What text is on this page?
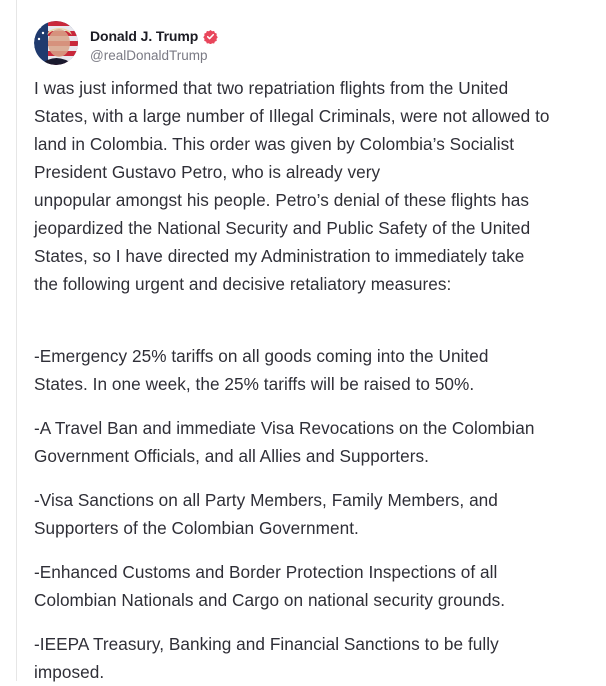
Donald J. Trump
@realDonaldTrump

I was just informed that two repatriation flights from the United
States, with a large number of Illegal Criminals, were not allowed to
land in Colombia. This order was given by Colombia’s Socialist
President Gustavo Petro, who is already very
unpopular amongst his people. Petro’s denial of these flights has
jeopardized the National Security and Public Safety of the United
States, so I have directed my Administration to immediately take
the following urgent and decisive retaliatory measures:

-Emergency 25% tariffs on all goods coming into the United
States. In one week, the 25% tariffs will be raised to 50%.

-A Travel Ban and immediate Visa Revocations on the Colombian
Government Officials, and all Allies and Supporters.

-Visa Sanctions on all Party Members, Family Members, and
Supporters of the Colombian Government.

-Enhanced Customs and Border Protection Inspections of all
Colombian Nationals and Cargo on national security grounds.

-IEEPA Treasury, Banking and Financial Sanctions to be fully
imposed.
